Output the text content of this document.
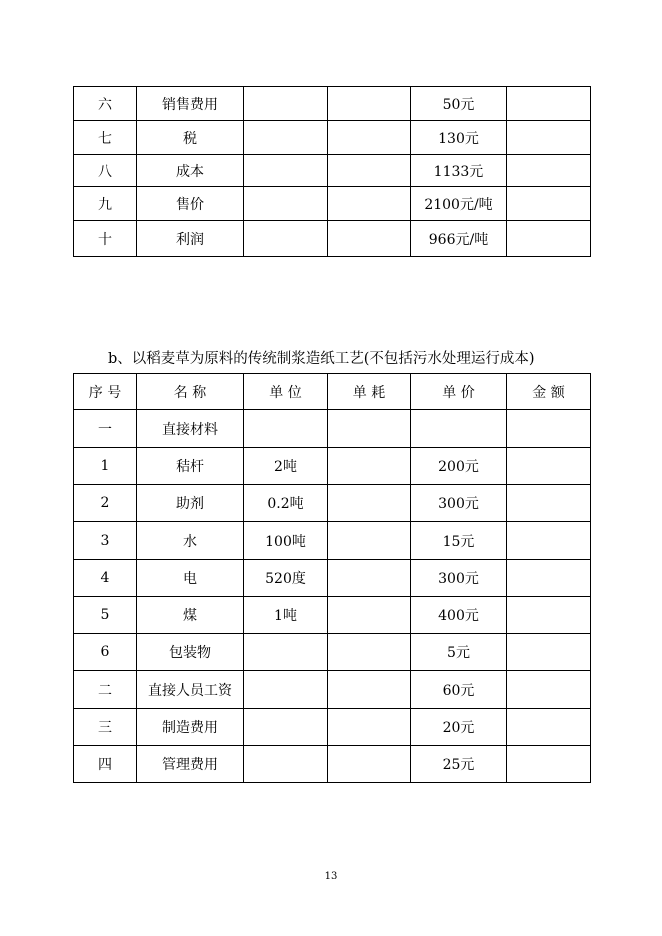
六	销售费用			50元	
七	税			130元	
八	成本			1133元	
九	售价			2100元/吨	
十	利润			966元/吨	
b、以稻麦草为原料的传统制浆造纸工艺(不包括污水处理运行成本)
序 号	名 称	单 位	单 耗	单 价	金 额
一	直接材料				
1	秸杆	2吨		200元	
2	助剂	0.2吨		300元	
3	水	100吨		15元	
4	电	520度		300元	
5	煤	1吨		400元	
6	包装物			5元	
二	直接人员工资			60元	
三	制造费用			20元	
四	管理费用			25元	
13
